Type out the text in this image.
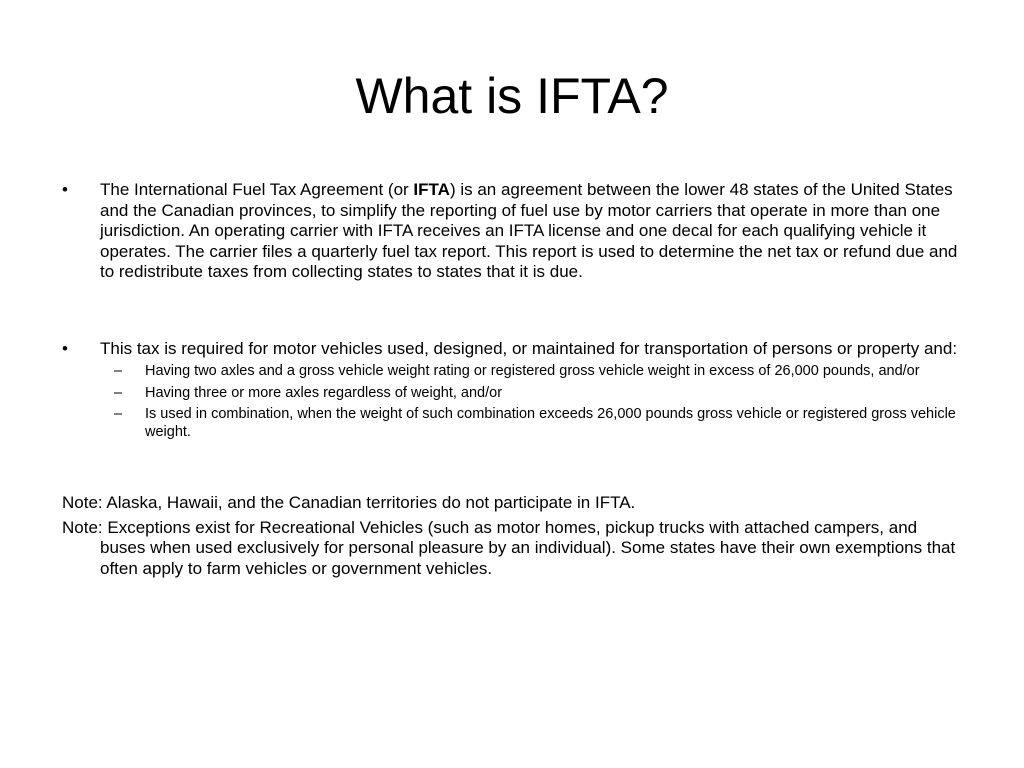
What is IFTA?
• The International Fuel Tax Agreement (or IFTA) is an agreement between the lower 48 states of the United States and the Canadian provinces, to simplify the reporting of fuel use by motor carriers that operate in more than one jurisdiction. An operating carrier with IFTA receives an IFTA license and one decal for each qualifying vehicle it operates. The carrier files a quarterly fuel tax report. This report is used to determine the net tax or refund due and to redistribute taxes from collecting states to states that it is due.

• This tax is required for motor vehicles used, designed, or maintained for transportation of persons or property and:

– Having two axles and a gross vehicle weight rating or registered gross vehicle weight in excess of 26,000 pounds, and/or
– Having three or more axles regardless of weight, and/or
– Is used in combination, when the weight of such combination exceeds 26,000 pounds gross vehicle or registered gross vehicle weight.

Note: Alaska, Hawaii, and the Canadian territories do not participate in IFTA.

Note: Exceptions exist for Recreational Vehicles (such as motor homes, pickup trucks with attached campers, and buses when used exclusively for personal pleasure by an individual). Some states have their own exemptions that often apply to farm vehicles or government vehicles.
